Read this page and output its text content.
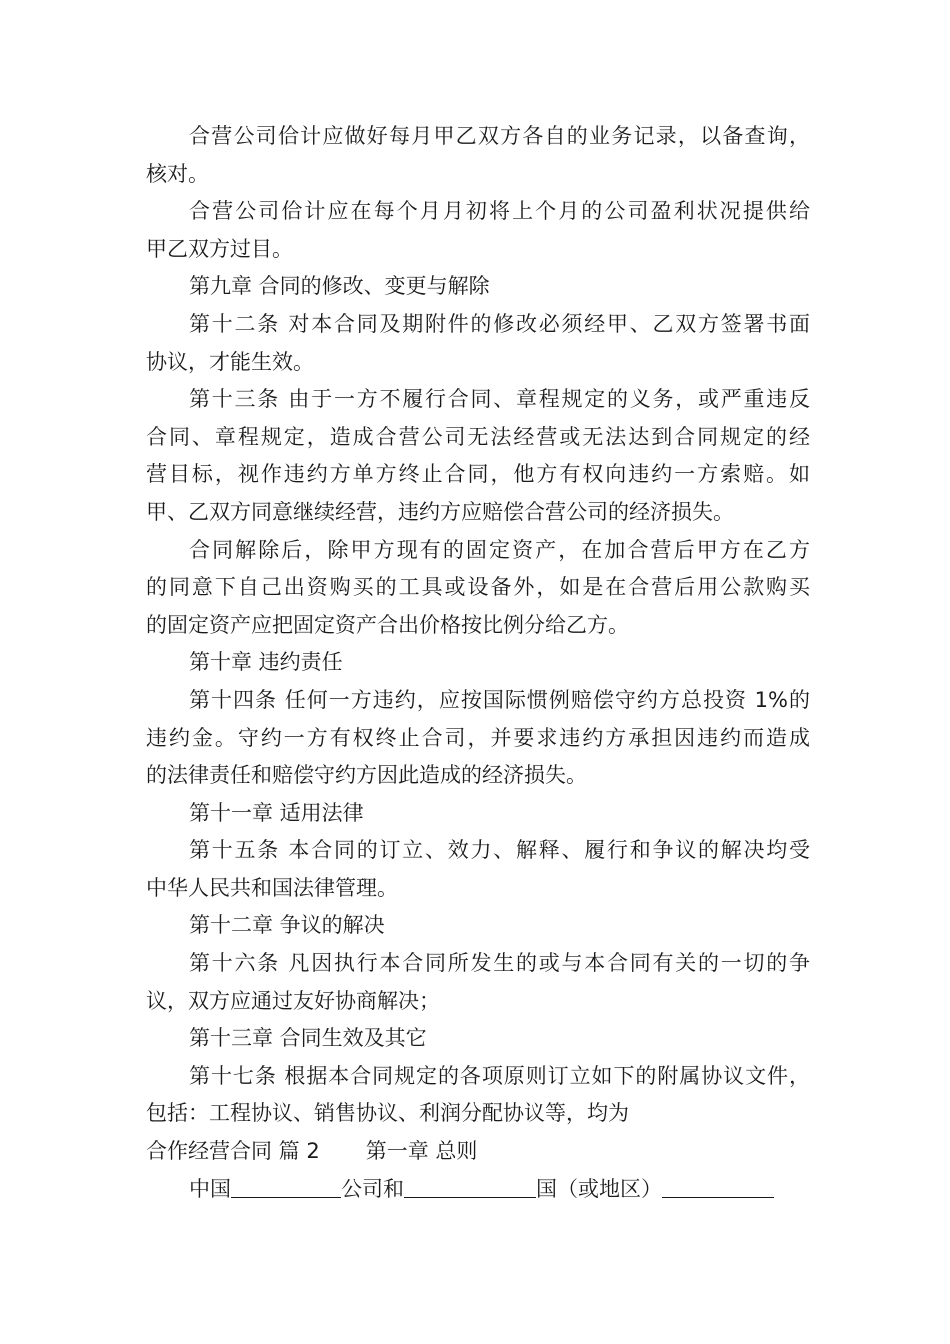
合营公司佮计应做好每月甲乙双方各自的业务记录，以备查询，
核对。
合营公司佮计应在每个月月初将上个月的公司盈利状况提供给
甲乙双方过目。
第九章 合同的修改、变更与解除
第十二条 对本合同及期附件的修改必须经甲、乙双方签署书面
协议，才能生效。
第十三条 由于一方不履行合同、章程规定的义务，或严重违反
合同、章程规定，造成合营公司无法经营或无法达到合同规定的经
营目标，视作违约方单方终止合同，他方有权向违约一方索赔。如
甲、乙双方同意继续经营，违约方应赔偿合营公司的经济损失。
合同解除后，除甲方现有的固定资产，在加合营后甲方在乙方
的同意下自己出资购买的工具或设备外，如是在合营后用公款购买
的固定资产应把固定资产合出价格按比例分给乙方。
第十章 违约责任
第十四条 任何一方违约，应按国际惯例赔偿守约方总投资 1%的
违约金。守约一方有权终止合司，并要求违约方承担因违约而造成
的法律责任和赔偿守约方因此造成的经济损失。
第十一章 适用法律
第十五条 本合同的订立、效力、解释、履行和争议的解决均受
中华人民共和国法律管理。
第十二章 争议的解决
第十六条 凡因执行本合同所发生的或与本合同有关的一切的争
议，双方应通过友好协商解决；
第十三章 合同生效及其它
第十七条 根据本合同规定的各项原则订立如下的附属协议文件，
包括：工程协议、销售协议、利润分配协议等，均为
合作经营合同 篇 2 第一章 总则
中国	公司和	国（或地区）
